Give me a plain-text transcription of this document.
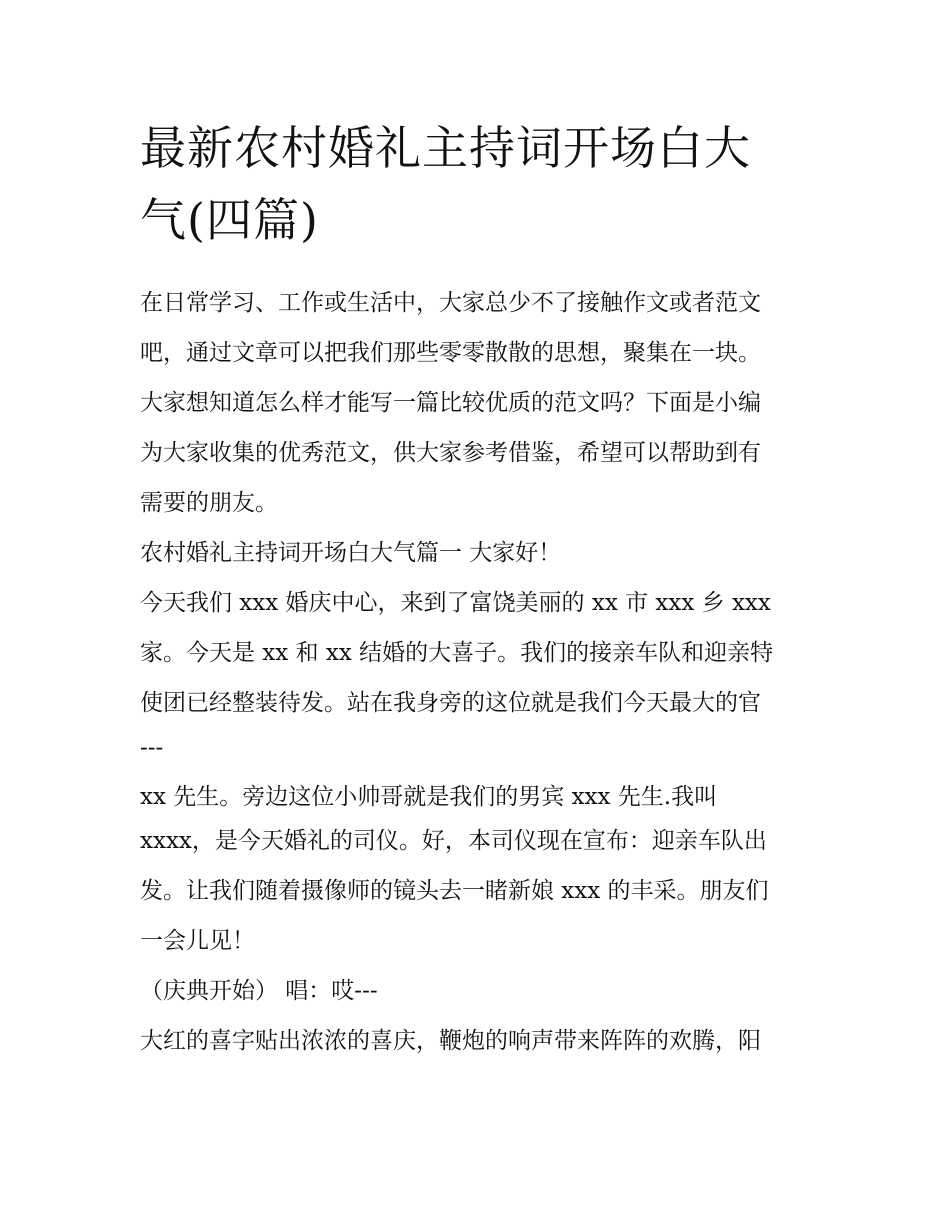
最新农村婚礼主持词开场白大
气(四篇)
在日常学习、工作或生活中，大家总少不了接触作文或者范文
吧，通过文章可以把我们那些零零散散的思想，聚集在一块。
大家想知道怎么样才能写一篇比较优质的范文吗？下面是小编
为大家收集的优秀范文，供大家参考借鉴，希望可以帮助到有
需要的朋友。
农村婚礼主持词开场白大气篇一 大家好！
今天我们 xxx 婚庆中心，来到了富饶美丽的 xx 市 xxx 乡 xxx
家。今天是 xx 和 xx 结婚的大喜子。我们的接亲车队和迎亲特
使团已经整装待发。站在我身旁的这位就是我们今天最大的官
---
xx 先生。旁边这位小帅哥就是我们的男宾 xxx 先生.我叫
xxxx，是今天婚礼的司仪。好，本司仪现在宣布：迎亲车队出
发。让我们随着摄像师的镜头去一睹新娘 xxx 的丰采。朋友们
一会儿见！
（庆典开始） 唱：哎---
大红的喜字贴出浓浓的喜庆，鞭炮的响声带来阵阵的欢腾，阳
